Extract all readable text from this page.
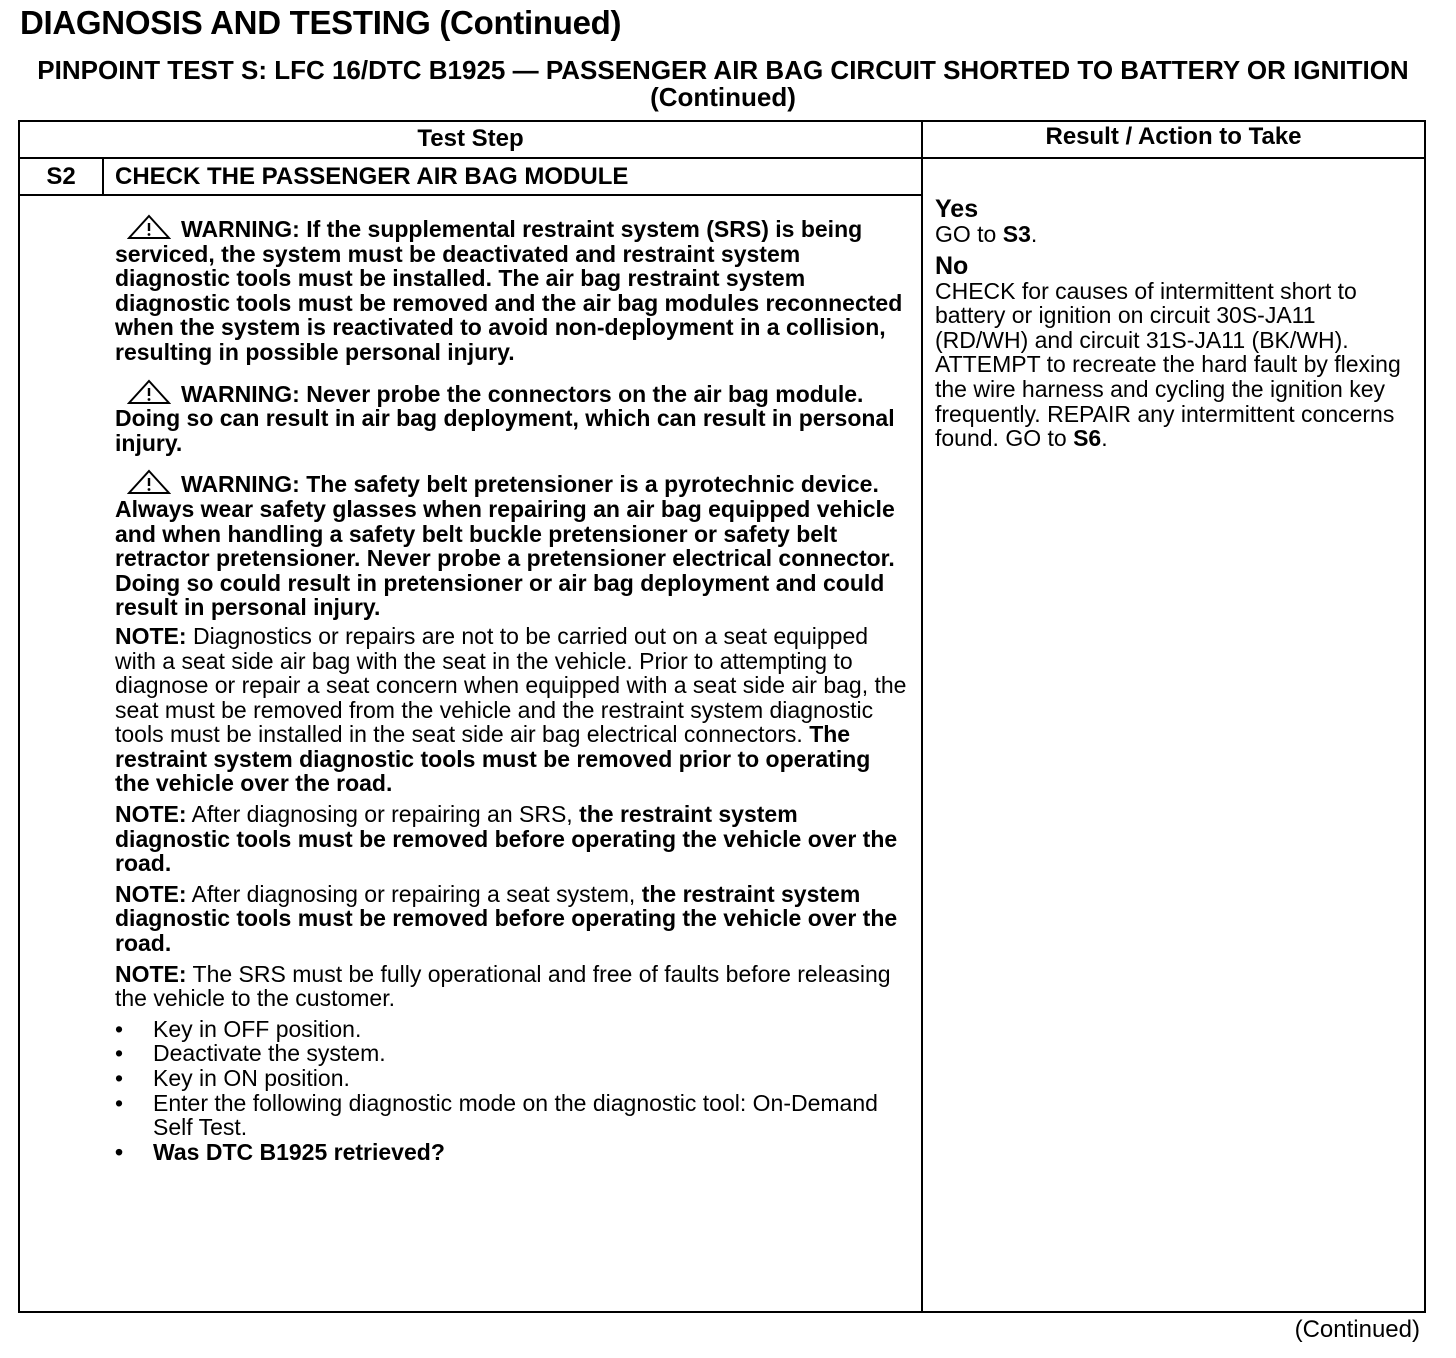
DIAGNOSIS AND TESTING (Continued)
PINPOINT TEST S: LFC 16/DTC B1925 — PASSENGER AIR BAG CIRCUIT SHORTED TO BATTERY OR IGNITION (Continued)
Test Step	Result / Action to Take
S2	CHECK THE PASSENGER AIR BAG MODULE

WARNING: If the supplemental restraint system (SRS) is being serviced, the system must be deactivated and restraint system diagnostic tools must be installed. The air bag restraint system diagnostic tools must be removed and the air bag modules reconnected when the system is reactivated to avoid non-deployment in a collision, resulting in possible personal injury.

WARNING: Never probe the connectors on the air bag module. Doing so can result in air bag deployment, which can result in personal injury.

WARNING: The safety belt pretensioner is a pyrotechnic device. Always wear safety glasses when repairing an air bag equipped vehicle and when handling a safety belt buckle pretensioner or safety belt retractor pretensioner. Never probe a pretensioner electrical connector. Doing so could result in pretensioner or air bag deployment and could result in personal injury.

NOTE: Diagnostics or repairs are not to be carried out on a seat equipped with a seat side air bag with the seat in the vehicle. Prior to attempting to diagnose or repair a seat concern when equipped with a seat side air bag, the seat must be removed from the vehicle and the restraint system diagnostic tools must be installed in the seat side air bag electrical connectors. The restraint system diagnostic tools must be removed prior to operating the vehicle over the road.

NOTE: After diagnosing or repairing an SRS, the restraint system diagnostic tools must be removed before operating the vehicle over the road.

NOTE: After diagnosing or repairing a seat system, the restraint system diagnostic tools must be removed before operating the vehicle over the road.

NOTE: The SRS must be fully operational and free of faults before releasing the vehicle to the customer.

• Key in OFF position.
• Deactivate the system.
• Key in ON position.
• Enter the following diagnostic mode on the diagnostic tool: On-Demand Self Test.
• Was DTC B1925 retrieved?
Yes
GO to S3.
No
CHECK for causes of intermittent short to battery or ignition on circuit 30S-JA11 (RD/WH) and circuit 31S-JA11 (BK/WH). ATTEMPT to recreate the hard fault by flexing the wire harness and cycling the ignition key frequently. REPAIR any intermittent concerns found. GO to S6.
(Continued)
